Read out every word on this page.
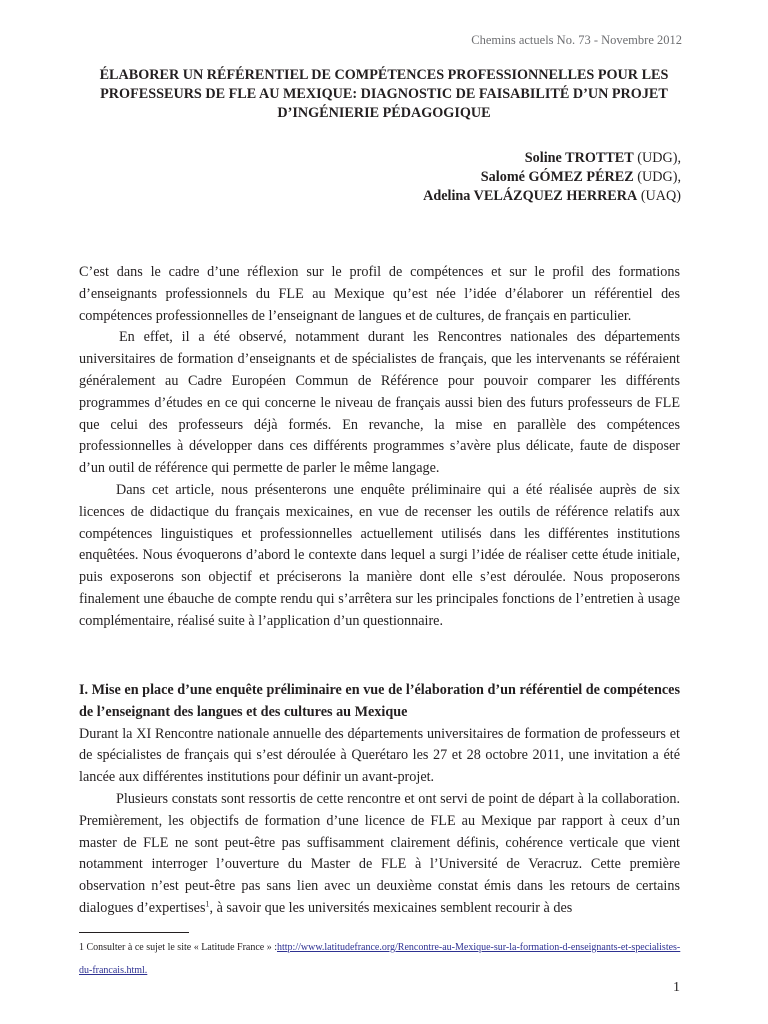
Chemins actuels No. 73 - Novembre 2012
ÉLABORER UN RÉFÉRENTIEL DE COMPÉTENCES PROFESSIONNELLES POUR LES PROFESSEURS DE FLE AU MEXIQUE: DIAGNOSTIC DE FAISABILITÉ D’UN PROJET D’INGÉNIERIE PÉDAGOGIQUE
Soline TROTTET (UDG),
Salomé GÓMEZ PÉREZ (UDG),
Adelina VELÁZQUEZ HERRERA (UAQ)

C’est dans le cadre d’une réflexion sur le profil de compétences et sur le profil des formations d’enseignants professionnels du FLE au Mexique qu’est née l’idée d’élaborer un référentiel des compétences professionnelles de l’enseignant de langues et de cultures, de français en particulier.

En effet, il a été observé, notamment durant les Rencontres nationales des départements universitaires de formation d’enseignants et de spécialistes de français, que les intervenants se référaient généralement au Cadre Européen Commun de Référence pour pouvoir comparer les différents programmes d’études en ce qui concerne le niveau de français aussi bien des futurs professeurs de FLE que celui des professeurs déjà formés. En revanche, la mise en parallèle des compétences professionnelles à développer dans ces différents programmes s’avère plus délicate, faute de disposer d’un outil de référence qui permette de parler le même langage.

Dans cet article, nous présenterons une enquête préliminaire qui a été réalisée auprès de six licences de didactique du français mexicaines, en vue de recenser les outils de référence relatifs aux compétences linguistiques et professionnelles actuellement utilisés dans les différentes institutions enquêtées. Nous évoquerons d’abord le contexte dans lequel a surgi l’idée de réaliser cette étude initiale, puis exposerons son objectif et préciserons la manière dont elle s’est déroulée. Nous proposerons finalement une ébauche de compte rendu qui s’arrêtera sur les principales fonctions de l’entretien à usage complémentaire, réalisé suite à l’application d’un questionnaire.

I. Mise en place d’une enquête préliminaire en vue de l’élaboration d’un référentiel de compétences de l’enseignant des langues et des cultures au Mexique

Durant la XI Rencontre nationale annuelle des départements universitaires de formation de professeurs et de spécialistes de français qui s’est déroulée à Querétaro les 27 et 28 octobre 2011, une invitation a été lancée aux différentes institutions pour définir un avant-projet.

Plusieurs constats sont ressortis de cette rencontre et ont servi de point de départ à la collaboration. Premièrement, les objectifs de formation d’une licence de FLE au Mexique par rapport à ceux d’un master de FLE ne sont peut-être pas suffisamment clairement définis, cohérence verticale que vient notamment interroger l’ouverture du Master de FLE à l’Université de Veracruz. Cette première observation n’est peut-être pas sans lien avec un deuxième constat émis dans les retours de certains dialogues d’expertises$^1$, à savoir que les universités mexicaines semblent recourir à des

1 Consulter à ce sujet le site « Latitude France » :http://www.latitudefrance.org/Rencontre-au-Mexique-sur-la-formation-d-enseignants-et-specialistes-du-francais.html.
1
